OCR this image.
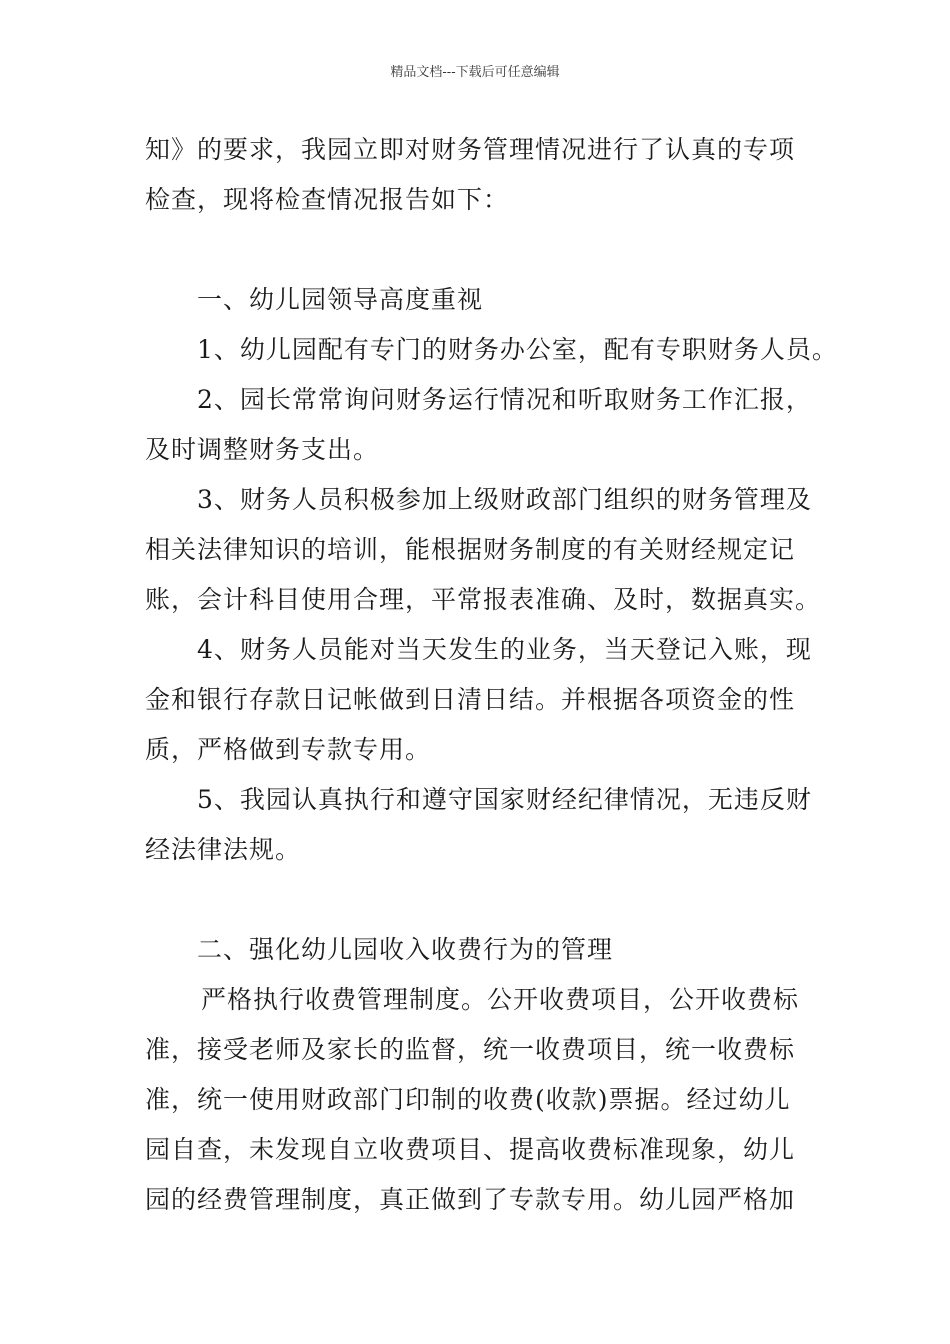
精品文档---下载后可任意编辑
知》的要求，我园立即对财务管理情况进行了认真的专项
检查，现将检查情况报告如下：
一、幼儿园领导高度重视
1、幼儿园配有专门的财务办公室，配有专职财务人员。
2、园长常常询问财务运行情况和听取财务工作汇报，
及时调整财务支出。
3、财务人员积极参加上级财政部门组织的财务管理及
相关法律知识的培训，能根据财务制度的有关财经规定记
账，会计科目使用合理，平常报表准确、及时，数据真实。
4、财务人员能对当天发生的业务，当天登记入账，现
金和银行存款日记帐做到日清日结。并根据各项资金的性
质，严格做到专款专用。
5、我园认真执行和遵守国家财经纪律情况，无违反财
经法律法规。
二、强化幼儿园收入收费行为的管理
严格执行收费管理制度。公开收费项目，公开收费标
准，接受老师及家长的监督，统一收费项目，统一收费标
准，统一使用财政部门印制的收费(收款)票据。经过幼儿
园自查，未发现自立收费项目、提高收费标准现象，幼儿
园的经费管理制度，真正做到了专款专用。幼儿园严格加
